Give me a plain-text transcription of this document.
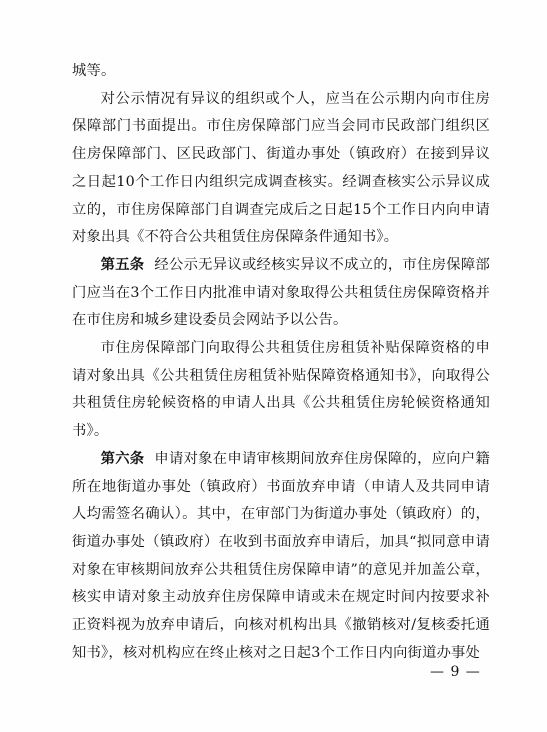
城等。

对公示情况有异议的组织或个人，应当在公示期内向市住房保障部门书面提出。市住房保障部门应当会同市民政部门组织区住房保障部门、区民政部门、街道办事处（镇政府）在接到异议之日起10个工作日内组织完成调查核实。经调查核实公示异议成立的，市住房保障部门自调查完成后之日起15个工作日内向申请对象出具《不符合公共租赁住房保障条件通知书》。

第五条 经公示无异议或经核实异议不成立的，市住房保障部门应当在3个工作日内批准申请对象取得公共租赁住房保障资格并在市住房和城乡建设委员会网站予以公告。

市住房保障部门向取得公共租赁住房租赁补贴保障资格的申请对象出具《公共租赁住房租赁补贴保障资格通知书》，向取得公共租赁住房轮候资格的申请人出具《公共租赁住房轮候资格通知书》。

第六条 申请对象在申请审核期间放弃住房保障的，应向户籍所在地街道办事处（镇政府）书面放弃申请（申请人及共同申请人均需签名确认）。其中，在审部门为街道办事处（镇政府）的，街道办事处（镇政府）在收到书面放弃申请后，加具“拟同意申请对象在审核期间放弃公共租赁住房保障申请”的意见并加盖公章，核实申请对象主动放弃住房保障申请或未在规定时间内按要求补正资料视为放弃申请后，向核对机构出具《撤销核对/复核委托通知书》，核对机构应在终止核对之日起3个工作日内向街道办事处

— 9 —
